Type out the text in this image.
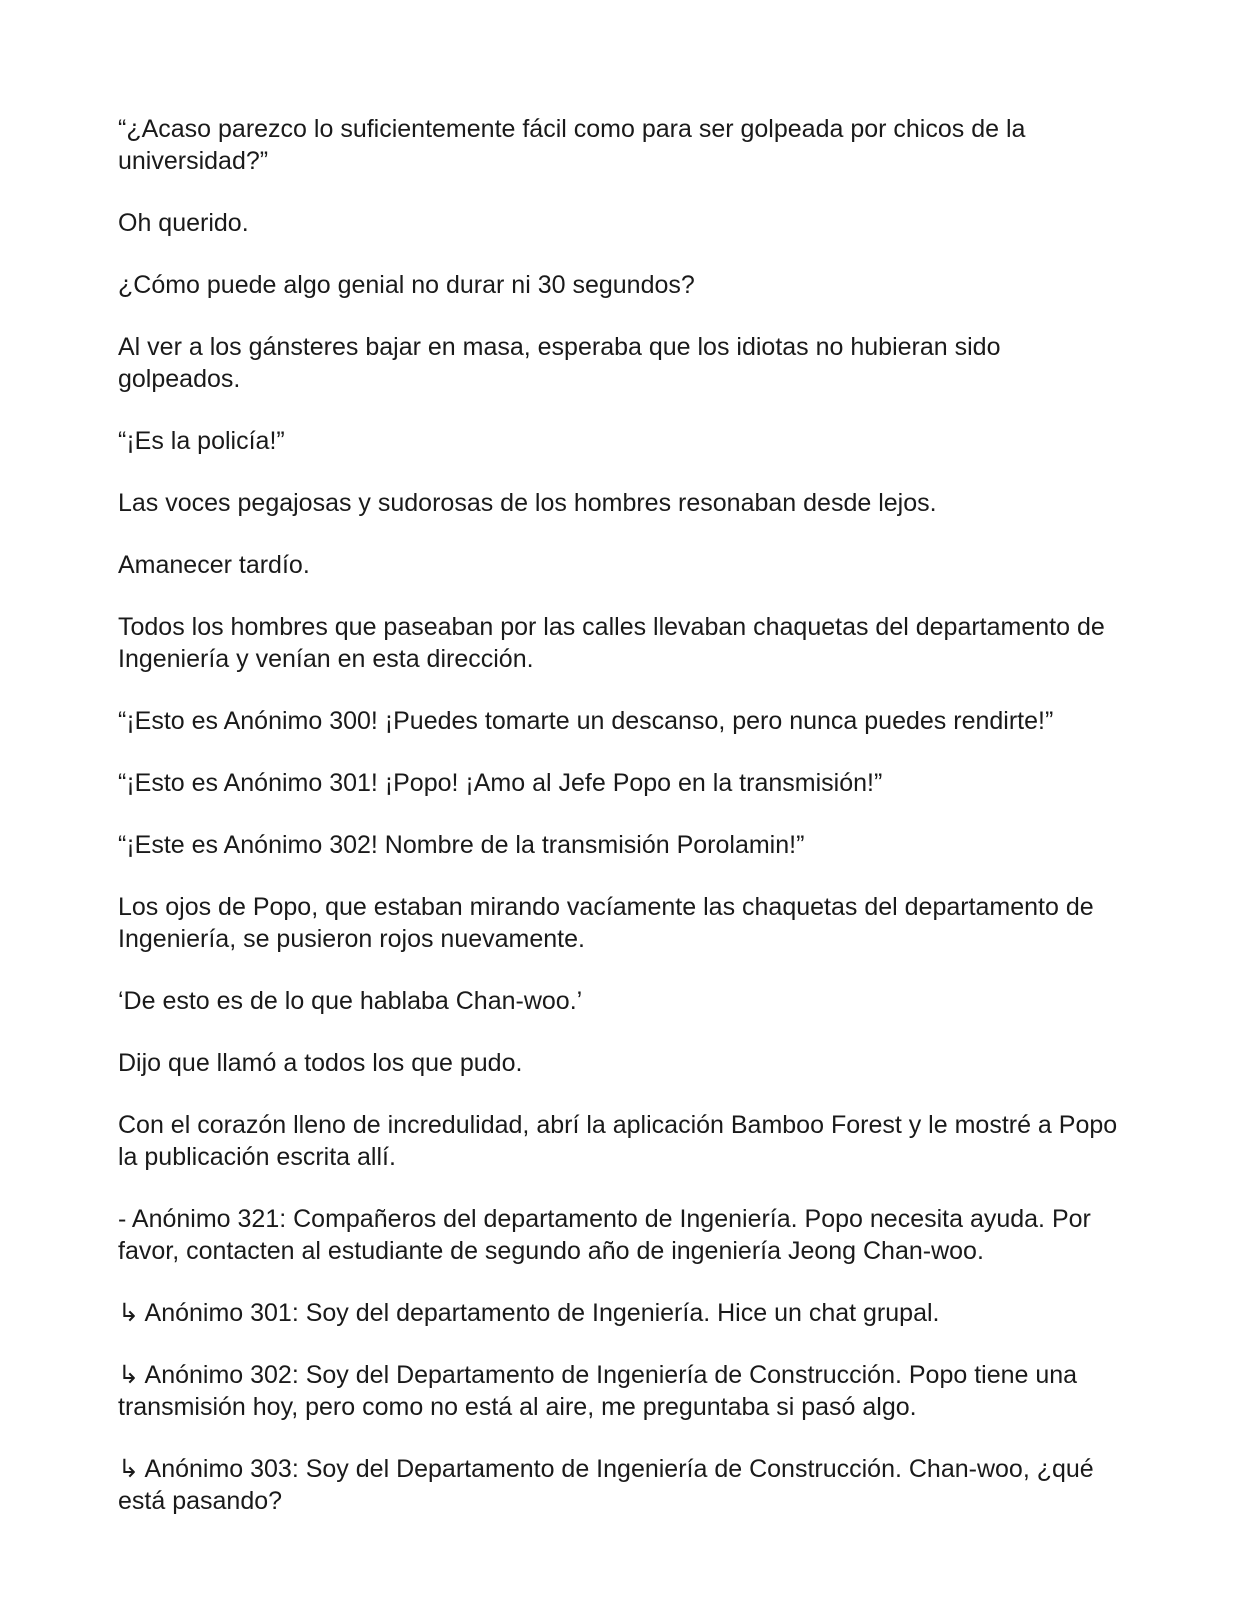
“¿Acaso parezco lo suficientemente fácil como para ser golpeada por chicos de la universidad?”

Oh querido.

¿Cómo puede algo genial no durar ni 30 segundos?

Al ver a los gánsteres bajar en masa, esperaba que los idiotas no hubieran sido golpeados.

“¡Es la policía!”

Las voces pegajosas y sudorosas de los hombres resonaban desde lejos.

Amanecer tardío.

Todos los hombres que paseaban por las calles llevaban chaquetas del departamento de Ingeniería y venían en esta dirección.

“¡Esto es Anónimo 300! ¡Puedes tomarte un descanso, pero nunca puedes rendirte!”

“¡Esto es Anónimo 301! ¡Popo! ¡Amo al Jefe Popo en la transmisión!”

“¡Este es Anónimo 302! Nombre de la transmisión Porolamin!”

Los ojos de Popo, que estaban mirando vacíamente las chaquetas del departamento de Ingeniería, se pusieron rojos nuevamente.

‘De esto es de lo que hablaba Chan-woo.’

Dijo que llamó a todos los que pudo.

Con el corazón lleno de incredulidad, abrí la aplicación Bamboo Forest y le mostré a Popo la publicación escrita allí.

- Anónimo 321: Compañeros del departamento de Ingeniería. Popo necesita ayuda. Por favor, contacten al estudiante de segundo año de ingeniería Jeong Chan-woo.

↳ Anónimo 301: Soy del departamento de Ingeniería. Hice un chat grupal.

↳ Anónimo 302: Soy del Departamento de Ingeniería de Construcción. Popo tiene una transmisión hoy, pero como no está al aire, me preguntaba si pasó algo.

↳ Anónimo 303: Soy del Departamento de Ingeniería de Construcción. Chan-woo, ¿qué está pasando?
